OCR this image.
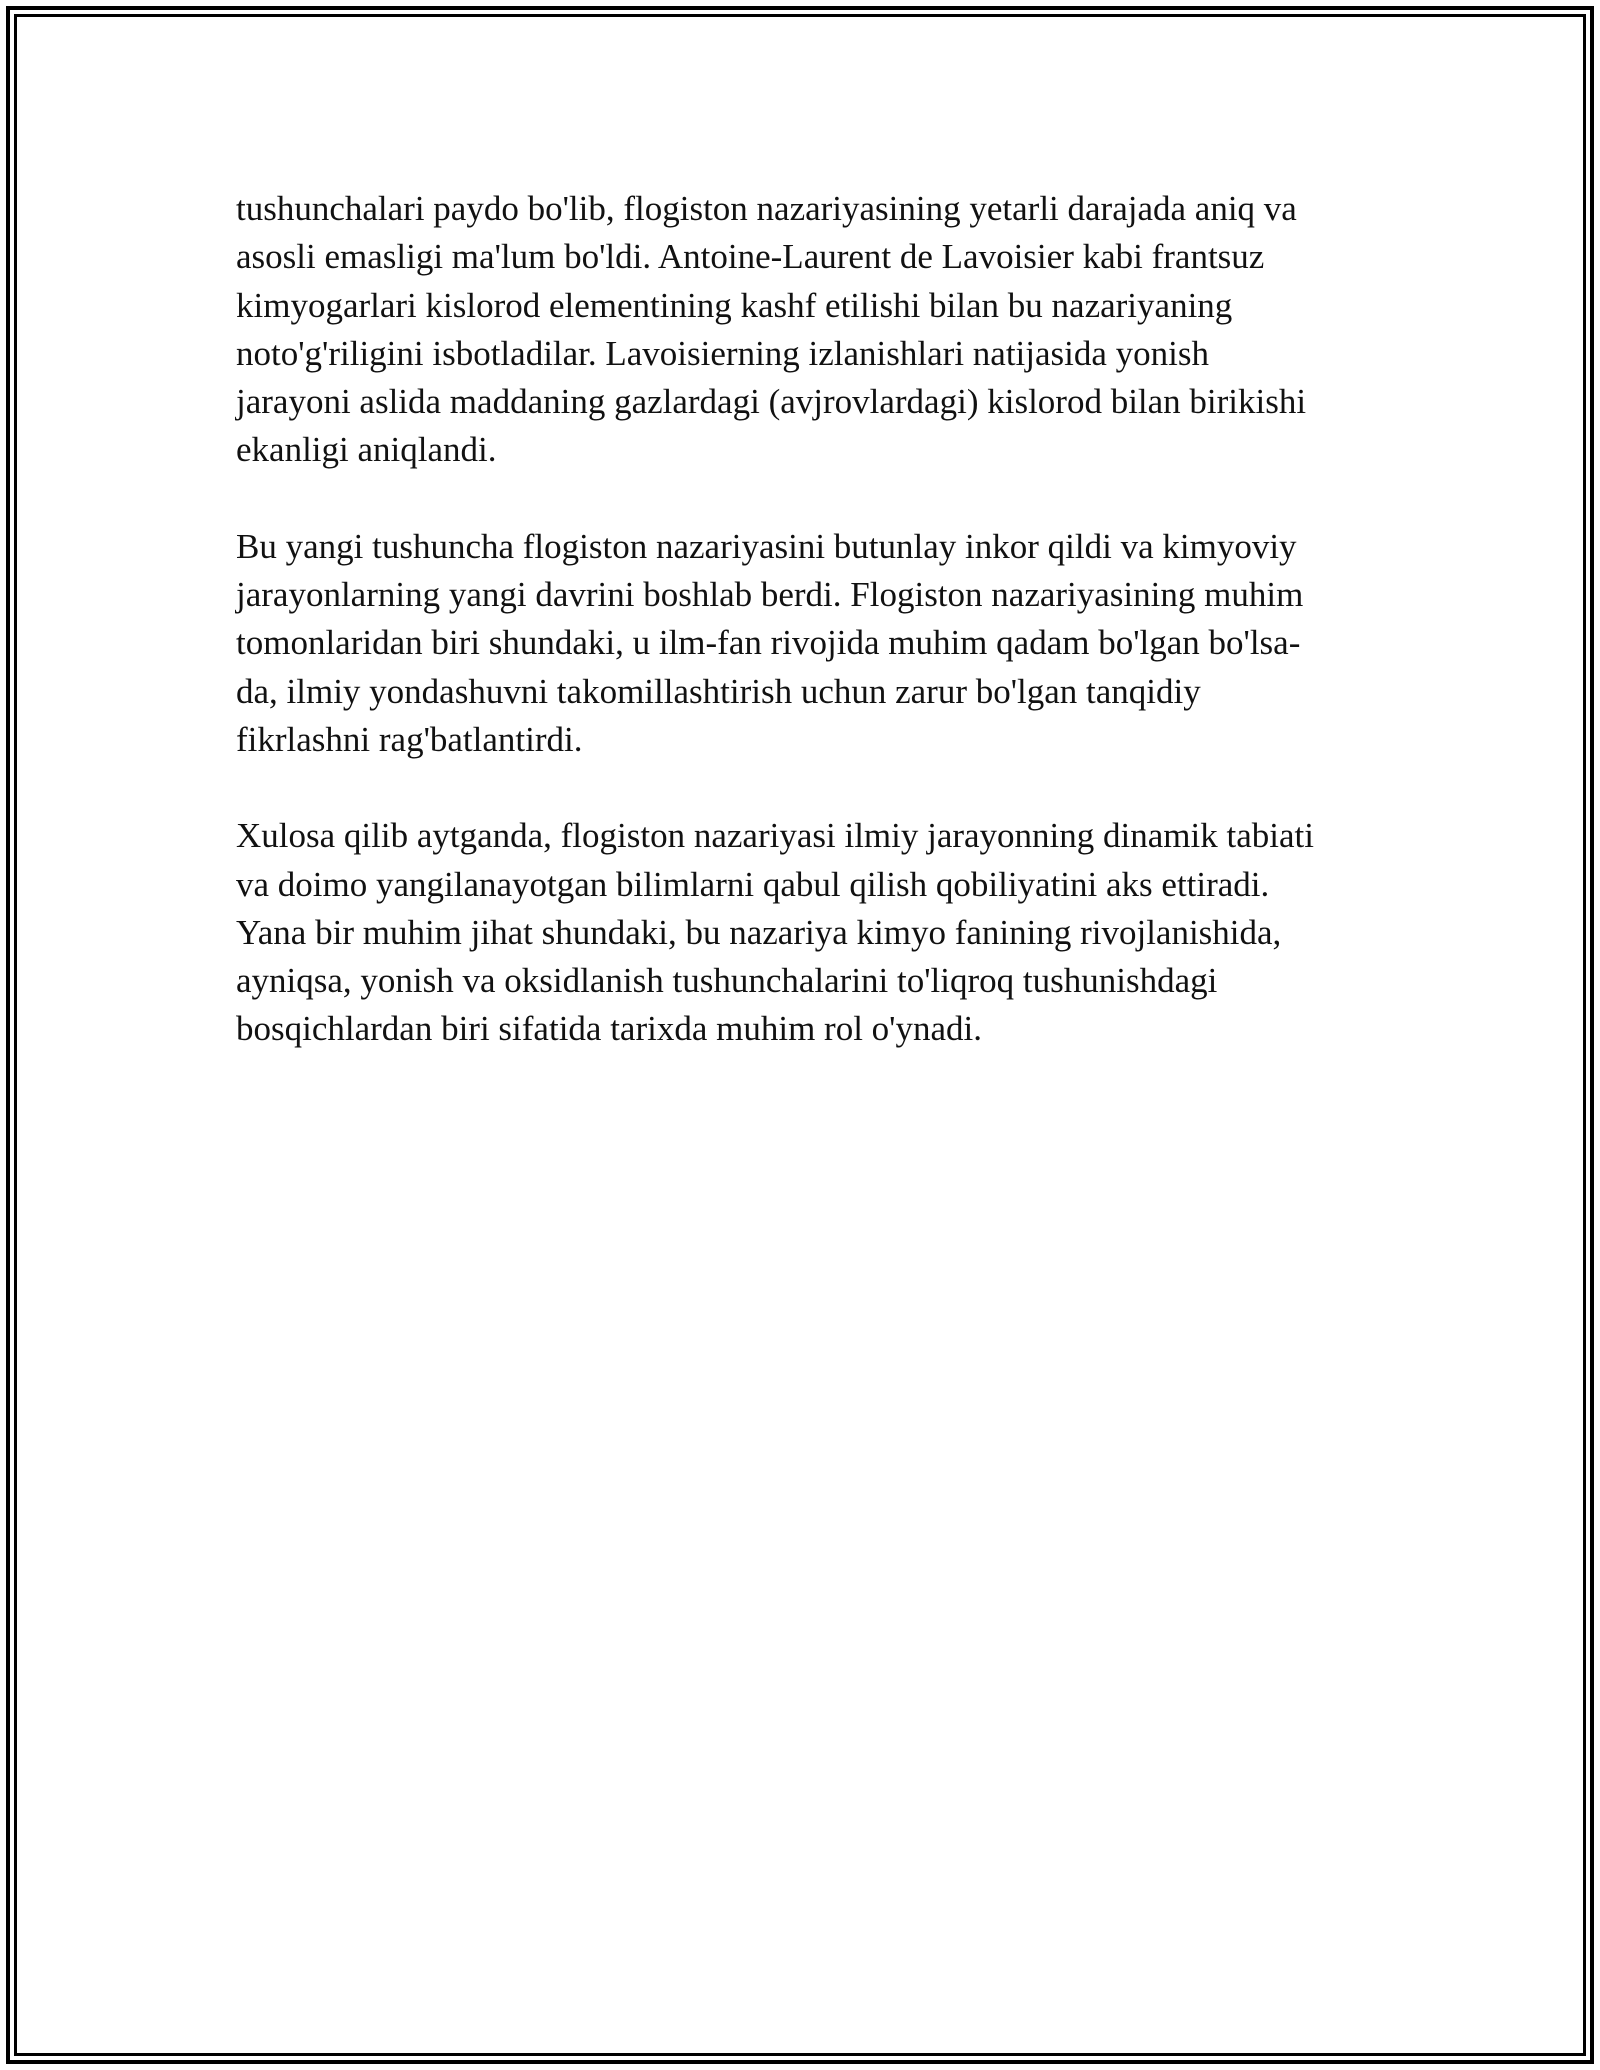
tushunchalari paydo bo'lib, flogiston nazariyasining yetarli darajada aniq va
asosli emasligi ma'lum bo'ldi. Antoine-Laurent de Lavoisier kabi frantsuz
kimyogarlari kislorod elementining kashf etilishi bilan bu nazariyaning
noto'g'riligini isbotladilar. Lavoisierning izlanishlari natijasida yonish
jarayoni aslida maddaning gazlardagi (avjrovlardagi) kislorod bilan birikishi
ekanligi aniqlandi.

Bu yangi tushuncha flogiston nazariyasini butunlay inkor qildi va kimyoviy
jarayonlarning yangi davrini boshlab berdi. Flogiston nazariyasining muhim
tomonlaridan biri shundaki, u ilm-fan rivojida muhim qadam bo'lgan bo'lsa-
da, ilmiy yondashuvni takomillashtirish uchun zarur bo'lgan tanqidiy
fikrlashni rag'batlantirdi.

Xulosa qilib aytganda, flogiston nazariyasi ilmiy jarayonning dinamik tabiati
va doimo yangilanayotgan bilimlarni qabul qilish qobiliyatini aks ettiradi.
Yana bir muhim jihat shundaki, bu nazariya kimyo fanining rivojlanishida,
ayniqsa, yonish va oksidlanish tushunchalarini to'liqroq tushunishdagi
bosqichlardan biri sifatida tarixda muhim rol o'ynadi.
